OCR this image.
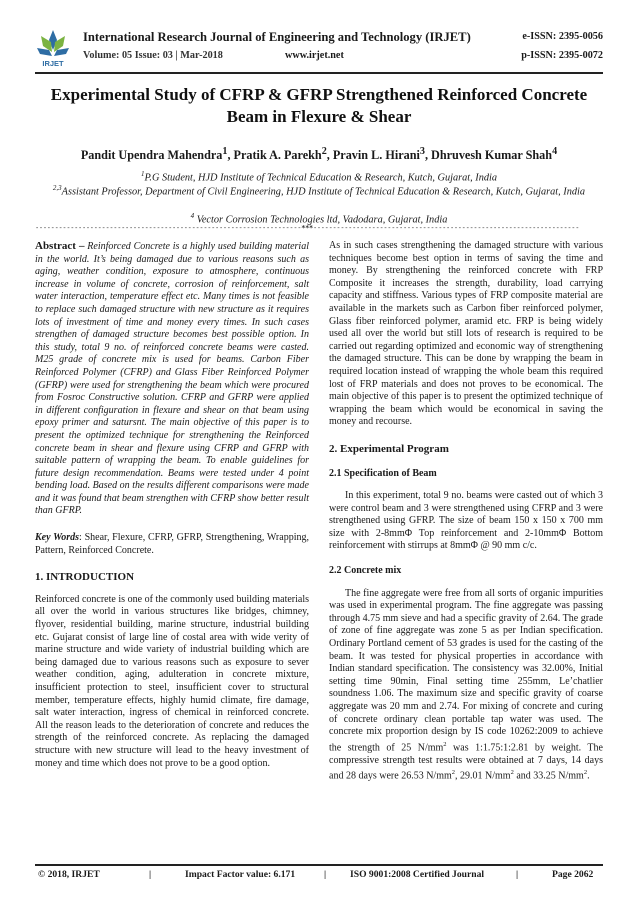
IRJET
International Research Journal of Engineering and Technology (IRJET)
Volume: 05 Issue: 03 | Mar-2018	www.irjet.net
e-ISSN: 2395-0056
p-ISSN: 2395-0072
Experimental Study of CFRP & GFRP Strengthened Reinforced Concrete Beam in Flexure & Shear
Pandit Upendra Mahendra$^1$, Pratik A. Parekh$^2$, Pravin L. Hirani$^3$, Dhruvesh Kumar Shah$^4$
$^1$P.G Student, HJD Institute of Technical Education & Research, Kutch, Gujarat, India
$^{2,3}$Assistant Professor, Department of Civil Engineering, HJD Institute of Technical Education & Research, Kutch, Gujarat, India
$^4$ Vector Corrosion Technologies ltd, Vadodara, Gujarat, India
--------------------------------------------------------------------***--------------------------------------------------------------------

Abstract – Reinforced Concrete is a highly used building material in the world. It’s being damaged due to various reasons such as aging, weather condition, exposure to atmosphere, continuous increase in volume of concrete, corrosion of reinforcement, salt water interaction, temperature effect etc. Many times is not feasible to replace such damaged structure with new structure as it requires lots of investment of time and money every times. In such cases strengthen of damaged structure becomes best possible option. In this study, total 9 no. of reinforced concrete beams were casted. M25 grade of concrete mix is used for beams. Carbon Fiber Reinforced Polymer (CFRP) and Glass Fiber Reinforced Polymer (GFRP) were used for strengthening the beam which were procured from Fosroc Constructive solution. CFRP and GFRP were applied in different configuration in flexure and shear on that beam using epoxy primer and satursnt. The main objective of this paper is to present the optimized technique for strengthening the Reinforced concrete beam in shear and flexure using CFRP and GFRP with suitable pattern of wrapping the beam. To enable guidelines for future design recommendation. Beams were tested under 4 point bending load. Based on the results different comparisons were made and it was found that beam strengthen with CFRP show better result than GFRP.

Key Words: Shear, Flexure, CFRP, GFRP, Strengthening, Wrapping, Pattern, Reinforced Concrete.

1. INTRODUCTION

Reinforced concrete is one of the commonly used building materials all over the world in various structures like bridges, chimney, flyover, residential building, marine structure, industrial building etc. Gujarat consist of large line of costal area with wide verity of marine structure and wide variety of industrial building which are being damaged due to various reasons such as exposure to sever weather condition, aging, adulteration in concrete mixture, insufficient protection to steel, insufficient cover to structural member, temperature effects, highly humid climate, fire damage, salt water interaction, ingress of chemical in reinforced concrete. All the reason leads to the deterioration of concrete and reduces the strength of the reinforced concrete. As replacing the damaged structure with new structure will lead to the heavy investment of money and time which does not prove to be a good option.

As in such cases strengthening the damaged structure with various techniques become best option in terms of saving the time and money. By strengthening the reinforced concrete with FRP Composite it increases the strength, durability, load carrying capacity and stiffness. Various types of FRP composite material are available in the markets such as Carbon fiber reinforced polymer, Glass fiber reinforced polymer, aramid etc. FRP is being widely used all over the world but still lots of research is required to be carried out regarding optimized and economic way of strengthening the damaged structure. This can be done by wrapping the beam in required location instead of wrapping the whole beam this required lost of FRP materials and does not proves to be economical. The main objective of this paper is to present the optimized technique of wrapping the beam which would be economical in saving the money and recourse.

2. Experimental Program

2.1 Specification of Beam

In this experiment, total 9 no. beams were casted out of which 3 were control beam and 3 were strengthened using CFRP and 3 were strengthened using GFRP. The size of beam 150 x 150 x 700 mm size with 2-8mmΦ Top reinforcement and 2-10mmΦ Bottom reinforcement with stirrups at 8mmΦ @ 90 mm c/c.

2.2 Concrete mix

The fine aggregate were free from all sorts of organic impurities was used in experimental program. The fine aggregate was passing through 4.75 mm sieve and had a specific gravity of 2.64. The grade of zone of fine aggregate was zone 5 as per Indian specification. Ordinary Portland cement of 53 grades is used for the casting of the beam. It was tested for physical properties in accordance with Indian standard specification. The consistency was 32.00%, Initial setting time 90min, Final setting time 255mm, Le’chatlier soundness 1.06. The maximum size and specific gravity of coarse aggregate was 20 mm and 2.74. For mixing of concrete and curing of concrete ordinary clean portable tap water was used. The concrete mix proportion design by IS code 10262:2009 to achieve the strength of 25 $N/mm^2$ was 1:1.75:1:2.81 by weight. The compressive strength test results were obtained at 7 days, 14 days and 28 days were 26.53 $N/mm^2$, 29.01 $N/mm^2$ and 33.25 $N/mm^2$.

© 2018, IRJET	|	Impact Factor value: 6.171	| ISO 9001:2008 Certified Journal	|	Page 2062
